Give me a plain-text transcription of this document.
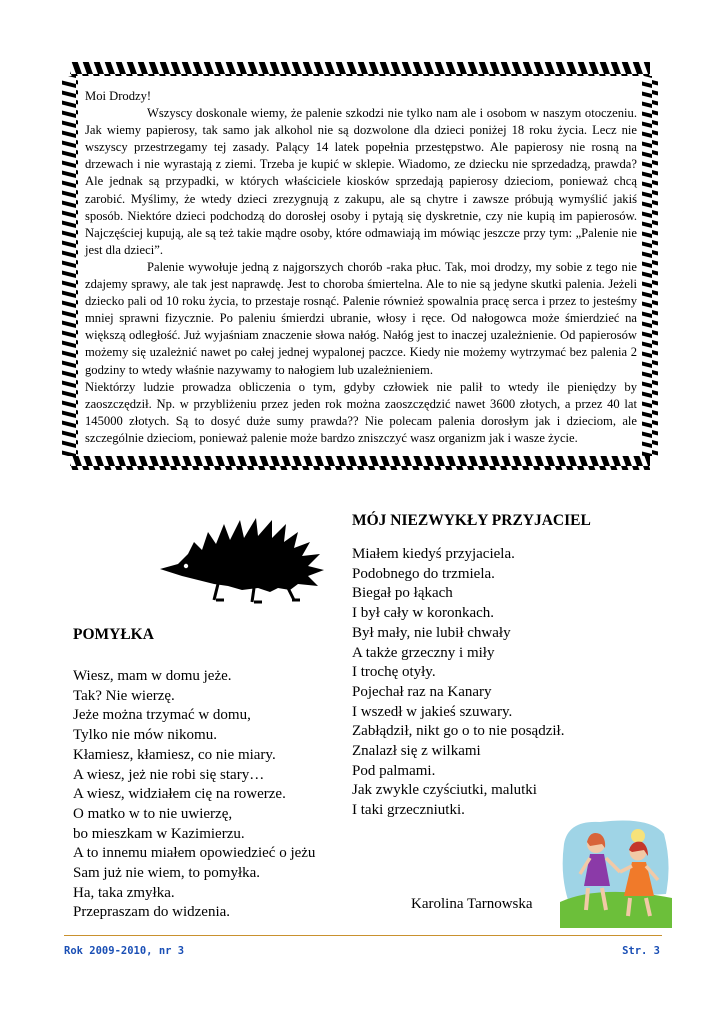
Moi Drodzy!

Wszyscy doskonale wiemy, że palenie szkodzi nie tylko nam ale i osobom w naszym otoczeniu. Jak wiemy papierosy, tak samo jak alkohol nie są dozwolone dla dzieci poniżej 18 roku życia. Lecz nie wszyscy przestrzegamy tej zasady. Palący 14 latek popełnia przestępstwo. Ale papierosy nie rosną na drzewach i nie wyrastają z ziemi. Trzeba je kupić w sklepie. Wiadomo, ze dziecku nie sprzedadzą, prawda? Ale jednak są przypadki, w których właściciele kiosków sprzedają papierosy dzieciom, ponieważ chcą zarobić. Myślimy, że wtedy dzieci zrezygnują z zakupu, ale są chytre i zawsze próbują wymyślić jakiś sposób. Niektóre dzieci podchodzą do dorosłej osoby i pytają się dyskretnie, czy nie kupią im papierosów. Najczęściej kupują, ale są też takie mądre osoby, które odmawiają im mówiąc jeszcze przy tym: „Palenie nie jest dla dzieci”.

Palenie wywołuje jedną z najgorszych chorób -raka płuc. Tak, moi drodzy, my sobie z tego nie zdajemy sprawy, ale tak jest naprawdę. Jest to choroba śmiertelna. Ale to nie są jedyne skutki palenia. Jeżeli dziecko pali od 10 roku życia, to przestaje rosnąć. Palenie również spowalnia pracę serca i przez to jesteśmy mniej sprawni fizycznie. Po paleniu śmierdzi ubranie, włosy i ręce. Od nałogowca może śmierdzieć na większą odległość. Już wyjaśniam znaczenie słowa nałóg. Nałóg jest to inaczej uzależnienie. Od papierosów możemy się uzależnić nawet po całej jednej wypalonej paczce. Kiedy nie możemy wytrzymać bez palenia 2 godziny to wtedy właśnie nazywamy to nałogiem lub uzależnieniem.

Niektórzy ludzie prowadza obliczenia o tym, gdyby człowiek nie palił to wtedy ile pieniędzy by zaoszczędził. Np. w przybliżeniu przez jeden rok można zaoszczędzić nawet 3600 złotych, a przez 40 lat 145000 złotych. Są to dosyć duże sumy prawda?? Nie polecam palenia dorosłym jak i dzieciom, ale szczególnie dzieciom, ponieważ palenie może bardzo zniszczyć wasz organizm jak i wasze życie.

POMYŁKA
Wiesz, mam w domu jeże.
Tak? Nie wierzę.
Jeże można trzymać w domu,
Tylko nie mów nikomu.
Kłamiesz, kłamiesz, co nie miary.
A wiesz, jeż nie robi się stary…
A wiesz, widziałem cię na rowerze.
O matko w to nie uwierzę,
bo mieszkam w Kazimierzu.
A to innemu miałem opowiedzieć o jeżu
Sam już nie wiem, to pomyłka.
Ha, taka zmyłka.
Przepraszam do widzenia.
MÓJ NIEZWYKŁY PRZYJACIEL
Miałem kiedyś przyjaciela.
Podobnego do trzmiela.
Biegał po łąkach
I był cały w koronkach.
Był mały, nie lubił chwały
A także grzeczny i miły
I trochę otyły.
Pojechał raz na Kanary
I wszedł w jakieś szuwary.
Zabłądził, nikt go o to nie posądził.
Znalazł się z wilkami
Pod palmami.
Jak zwykle czyściutki, malutki
I taki grzeczniutki.
Karolina Tarnowska
Rok 2009-2010, nr 3	Str. 3
